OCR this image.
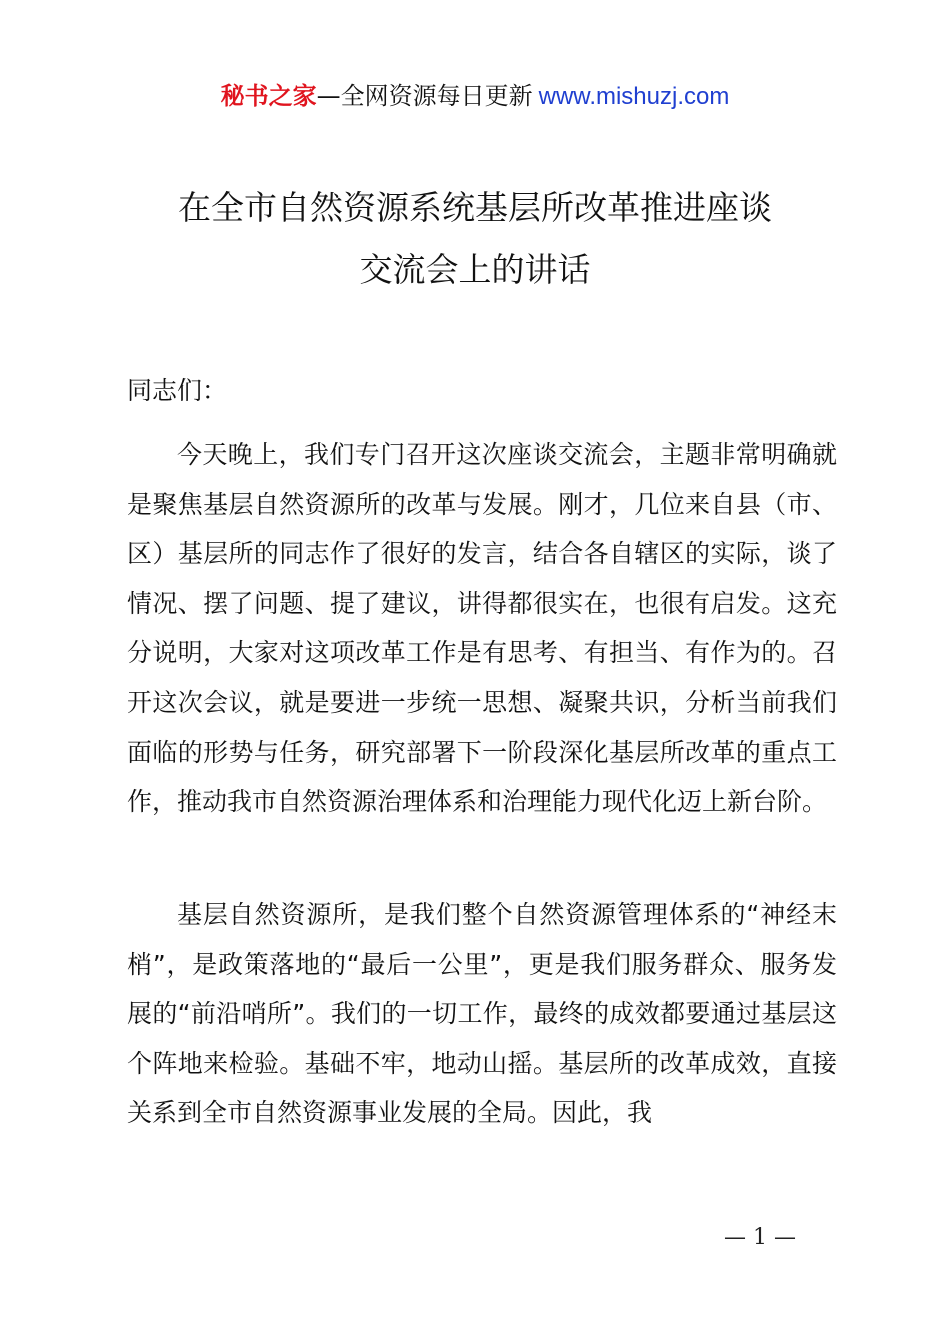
秘书之家—全网资源每日更新 www.mishuzj.com
在全市自然资源系统基层所改革推进座谈
交流会上的讲话
同志们：

今天晚上，我们专门召开这次座谈交流会，主题非常明确就是聚焦基层自然资源所的改革与发展。刚才，几位来自县（市、区）基层所的同志作了很好的发言，结合各自辖区的实际，谈了情况、摆了问题、提了建议，讲得都很实在，也很有启发。这充分说明，大家对这项改革工作是有思考、有担当、有作为的。召开这次会议，就是要进一步统一思想、凝聚共识，分析当前我们面临的形势与任务，研究部署下一阶段深化基层所改革的重点工作，推动我市自然资源治理体系和治理能力现代化迈上新台阶。

基层自然资源所，是我们整个自然资源管理体系的“神经末梢”，是政策落地的“最后一公里”，更是我们服务群众、服务发展的“前沿哨所”。我们的一切工作，最终的成效都要通过基层这个阵地来检验。基础不牢，地动山摇。基层所的改革成效，直接关系到全市自然资源事业发展的全局。因此，我

— 1 —
